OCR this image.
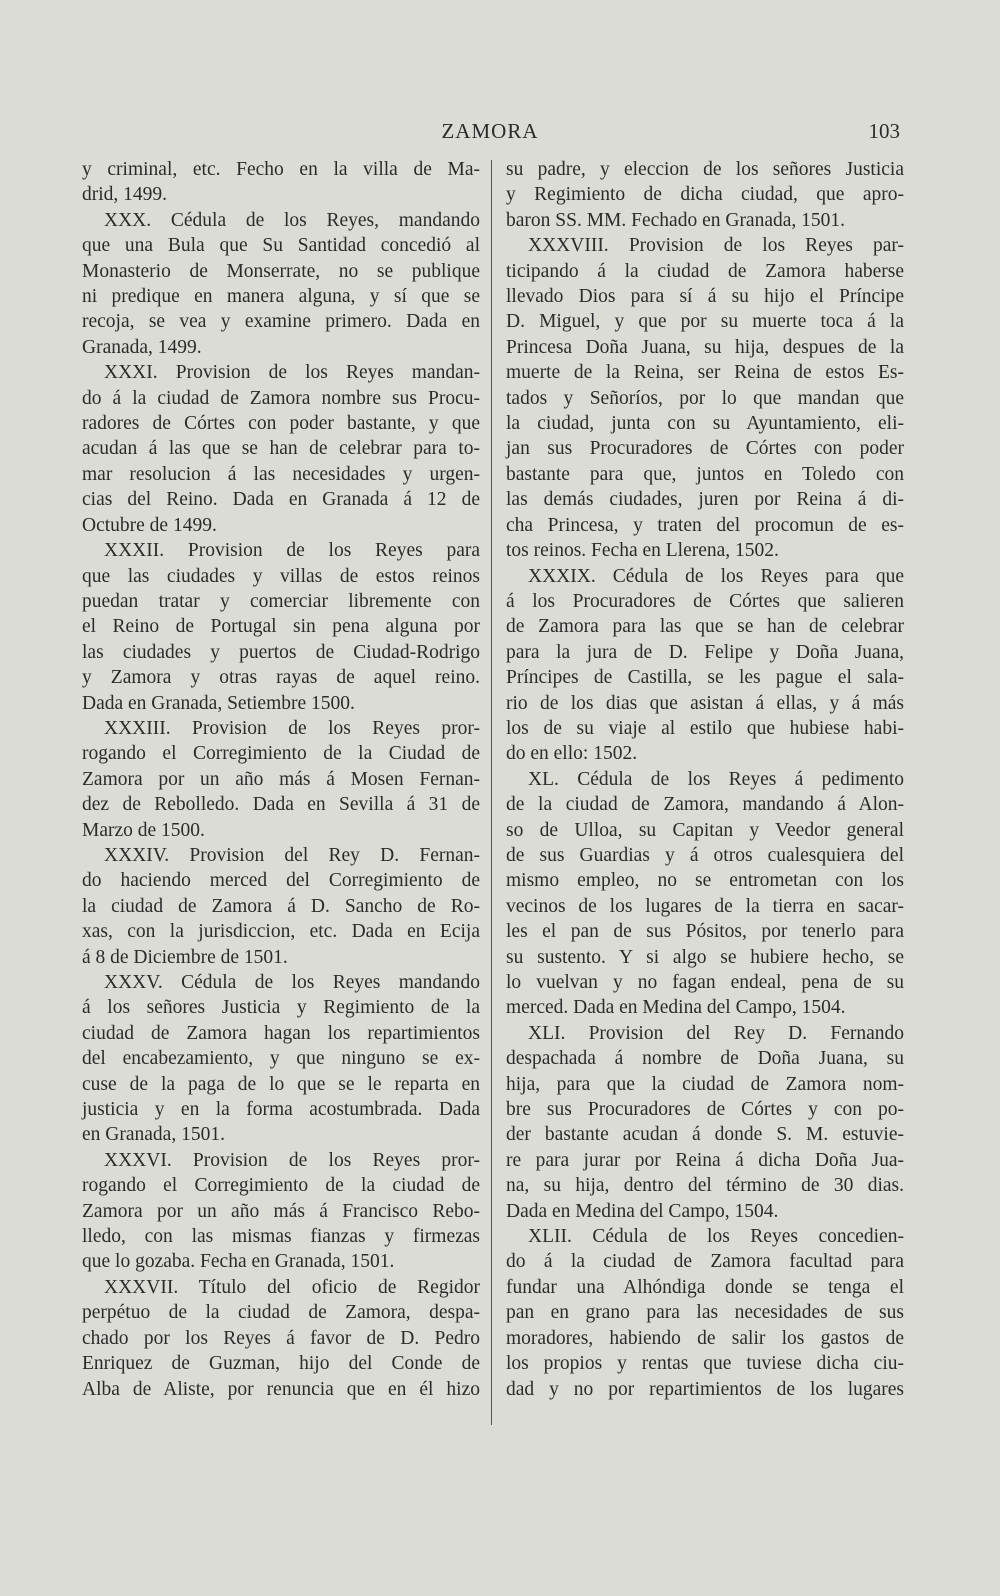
ZAMORA	103
y criminal, etc. Fecho en la villa de Ma-
drid, 1499.
XXX. Cédula de los Reyes, mandando
que una Bula que Su Santidad concedió al
Monasterio de Monserrate, no se publique
ni predique en manera alguna, y sí que se
recoja, se vea y examine primero. Dada en
Granada, 1499.
XXXI. Provision de los Reyes mandan-
do á la ciudad de Zamora nombre sus Procu-
radores de Córtes con poder bastante, y que
acudan á las que se han de celebrar para to-
mar resolucion á las necesidades y urgen-
cias del Reino. Dada en Granada á 12 de
Octubre de 1499.
XXXII. Provision de los Reyes para
que las ciudades y villas de estos reinos
puedan tratar y comerciar libremente con
el Reino de Portugal sin pena alguna por
las ciudades y puertos de Ciudad-Rodrigo
y Zamora y otras rayas de aquel reino.
Dada en Granada, Setiembre 1500.
XXXIII. Provision de los Reyes pror-
rogando el Corregimiento de la Ciudad de
Zamora por un año más á Mosen Fernan-
dez de Rebolledo. Dada en Sevilla á 31 de
Marzo de 1500.
XXXIV. Provision del Rey D. Fernan-
do haciendo merced del Corregimiento de
la ciudad de Zamora á D. Sancho de Ro-
xas, con la jurisdiccion, etc. Dada en Ecija
á 8 de Diciembre de 1501.
XXXV. Cédula de los Reyes mandando
á los señores Justicia y Regimiento de la
ciudad de Zamora hagan los repartimientos
del encabezamiento, y que ninguno se ex-
cuse de la paga de lo que se le reparta en
justicia y en la forma acostumbrada. Dada
en Granada, 1501.
XXXVI. Provision de los Reyes pror-
rogando el Corregimiento de la ciudad de
Zamora por un año más á Francisco Rebo-
lledo, con las mismas fianzas y firmezas
que lo gozaba. Fecha en Granada, 1501.
XXXVII. Título del oficio de Regidor
perpétuo de la ciudad de Zamora, despa-
chado por los Reyes á favor de D. Pedro
Enriquez de Guzman, hijo del Conde de
Alba de Aliste, por renuncia que en él hizo
su padre, y eleccion de los señores Justicia
y Regimiento de dicha ciudad, que apro-
baron SS. MM. Fechado en Granada, 1501.
XXXVIII. Provision de los Reyes par-
ticipando á la ciudad de Zamora haberse
llevado Dios para sí á su hijo el Príncipe
D. Miguel, y que por su muerte toca á la
Princesa Doña Juana, su hija, despues de la
muerte de la Reina, ser Reina de estos Es-
tados y Señoríos, por lo que mandan que
la ciudad, junta con su Ayuntamiento, eli-
jan sus Procuradores de Córtes con poder
bastante para que, juntos en Toledo con
las demás ciudades, juren por Reina á di-
cha Princesa, y traten del procomun de es-
tos reinos. Fecha en Llerena, 1502.
XXXIX. Cédula de los Reyes para que
á los Procuradores de Córtes que salieren
de Zamora para las que se han de celebrar
para la jura de D. Felipe y Doña Juana,
Príncipes de Castilla, se les pague el sala-
rio de los dias que asistan á ellas, y á más
los de su viaje al estilo que hubiese habi-
do en ello: 1502.
XL. Cédula de los Reyes á pedimento
de la ciudad de Zamora, mandando á Alon-
so de Ulloa, su Capitan y Veedor general
de sus Guardias y á otros cualesquiera del
mismo empleo, no se entrometan con los
vecinos de los lugares de la tierra en sacar-
les el pan de sus Pósitos, por tenerlo para
su sustento. Y si algo se hubiere hecho, se
lo vuelvan y no fagan endeal, pena de su
merced. Dada en Medina del Campo, 1504.
XLI. Provision del Rey D. Fernando
despachada á nombre de Doña Juana, su
hija, para que la ciudad de Zamora nom-
bre sus Procuradores de Córtes y con po-
der bastante acudan á donde S. M. estuvie-
re para jurar por Reina á dicha Doña Jua-
na, su hija, dentro del término de 30 dias.
Dada en Medina del Campo, 1504.
XLII. Cédula de los Reyes concedien-
do á la ciudad de Zamora facultad para
fundar una Alhóndiga donde se tenga el
pan en grano para las necesidades de sus
moradores, habiendo de salir los gastos de
los propios y rentas que tuviese dicha ciu-
dad y no por repartimientos de los lugares
